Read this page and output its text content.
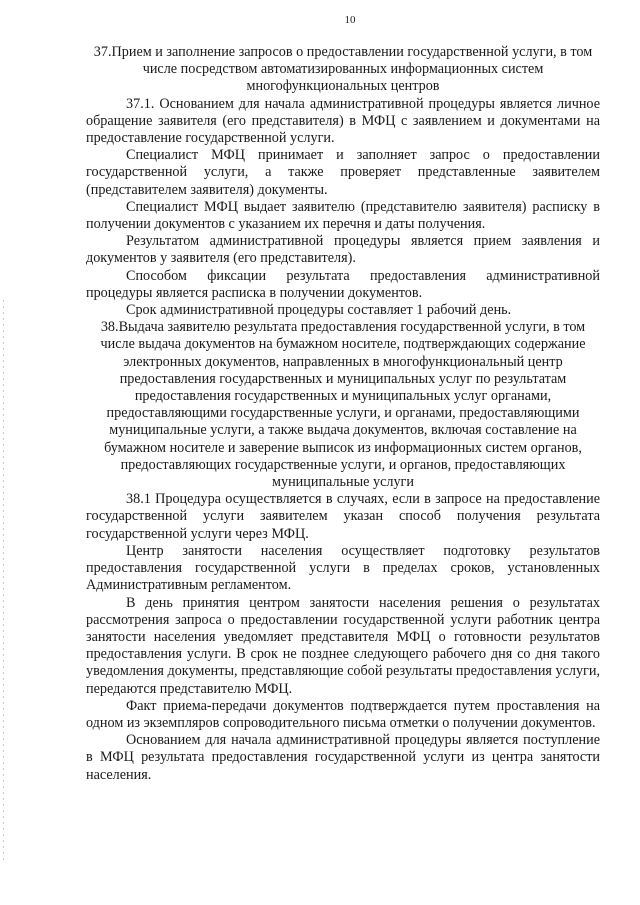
10

37.Прием и заполнение запросов о предоставлении государственной услуги, в том числе посредством автоматизированных информационных систем многофункциональных центров

37.1. Основанием для начала административной процедуры является личное обращение заявителя (его представителя) в МФЦ с заявлением и документами на предоставление государственной услуги.

Специалист МФЦ принимает и заполняет запрос о предоставлении государственной услуги, а также проверяет представленные заявителем (представителем заявителя) документы.

Специалист МФЦ выдает заявителю (представителю заявителя) расписку в получении документов с указанием их перечня и даты получения.

Результатом административной процедуры является прием заявления и документов у заявителя (его представителя).

Способом фиксации результата предоставления административной процедуры является расписка в получении документов.

Срок административной процедуры составляет 1 рабочий день.

38.Выдача заявителю результата предоставления государственной услуги, в том числе выдача документов на бумажном носителе, подтверждающих содержание электронных документов, направленных в многофункциональный центр предоставления государственных и муниципальных услуг по результатам предоставления государственных и муниципальных услуг органами, предоставляющими государственные услуги, и органами, предоставляющими муниципальные услуги, а также выдача документов, включая составление на бумажном носителе и заверение выписок из информационных систем органов, предоставляющих государственные услуги, и органов, предоставляющих муниципальные услуги

38.1 Процедура осуществляется в случаях, если в запросе на предоставление государственной услуги заявителем указан способ получения результата государственной услуги через МФЦ.

Центр занятости населения осуществляет подготовку результатов предоставления государственной услуги в пределах сроков, установленных Административным регламентом.

В день принятия центром занятости населения решения о результатах рассмотрения запроса о предоставлении государственной услуги работник центра занятости населения уведомляет представителя МФЦ о готовности результатов предоставления услуги. В срок не позднее следующего рабочего дня со дня такого уведомления документы, представляющие собой результаты предоставления услуги, передаются представителю МФЦ.

Факт приема-передачи документов подтверждается путем проставления на одном из экземпляров сопроводительного письма отметки о получении документов.

Основанием для начала административной процедуры является поступление в МФЦ результата предоставления государственной услуги из центра занятости населения.
